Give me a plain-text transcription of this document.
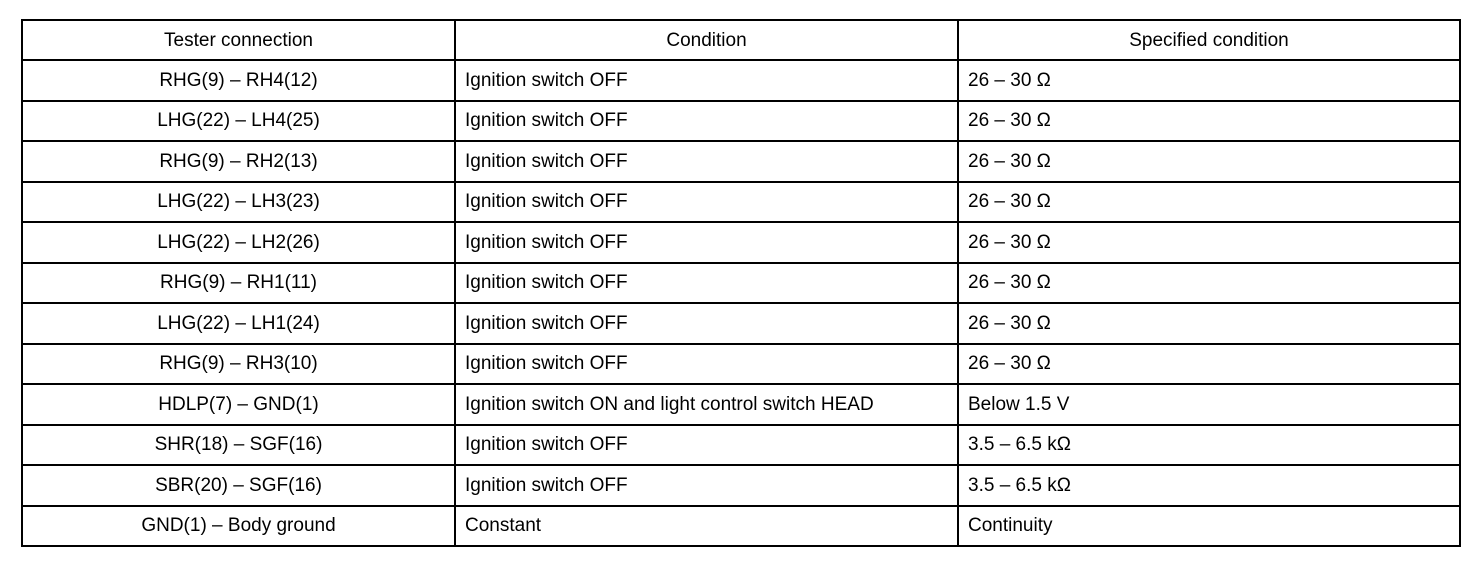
Tester connection	Condition	Specified condition
RHG(9) – RH4(12)	Ignition switch OFF	26 – 30 Ω
LHG(22) – LH4(25)	Ignition switch OFF	26 – 30 Ω
RHG(9) – RH2(13)	Ignition switch OFF	26 – 30 Ω
LHG(22) – LH3(23)	Ignition switch OFF	26 – 30 Ω
LHG(22) – LH2(26)	Ignition switch OFF	26 – 30 Ω
RHG(9) – RH1(11)	Ignition switch OFF	26 – 30 Ω
LHG(22) – LH1(24)	Ignition switch OFF	26 – 30 Ω
RHG(9) – RH3(10)	Ignition switch OFF	26 – 30 Ω
HDLP(7) – GND(1)	Ignition switch ON and light control switch HEAD	Below 1.5 V
SHR(18) – SGF(16)	Ignition switch OFF	3.5 – 6.5 kΩ
SBR(20) – SGF(16)	Ignition switch OFF	3.5 – 6.5 kΩ
GND(1) – Body ground	Constant	Continuity
